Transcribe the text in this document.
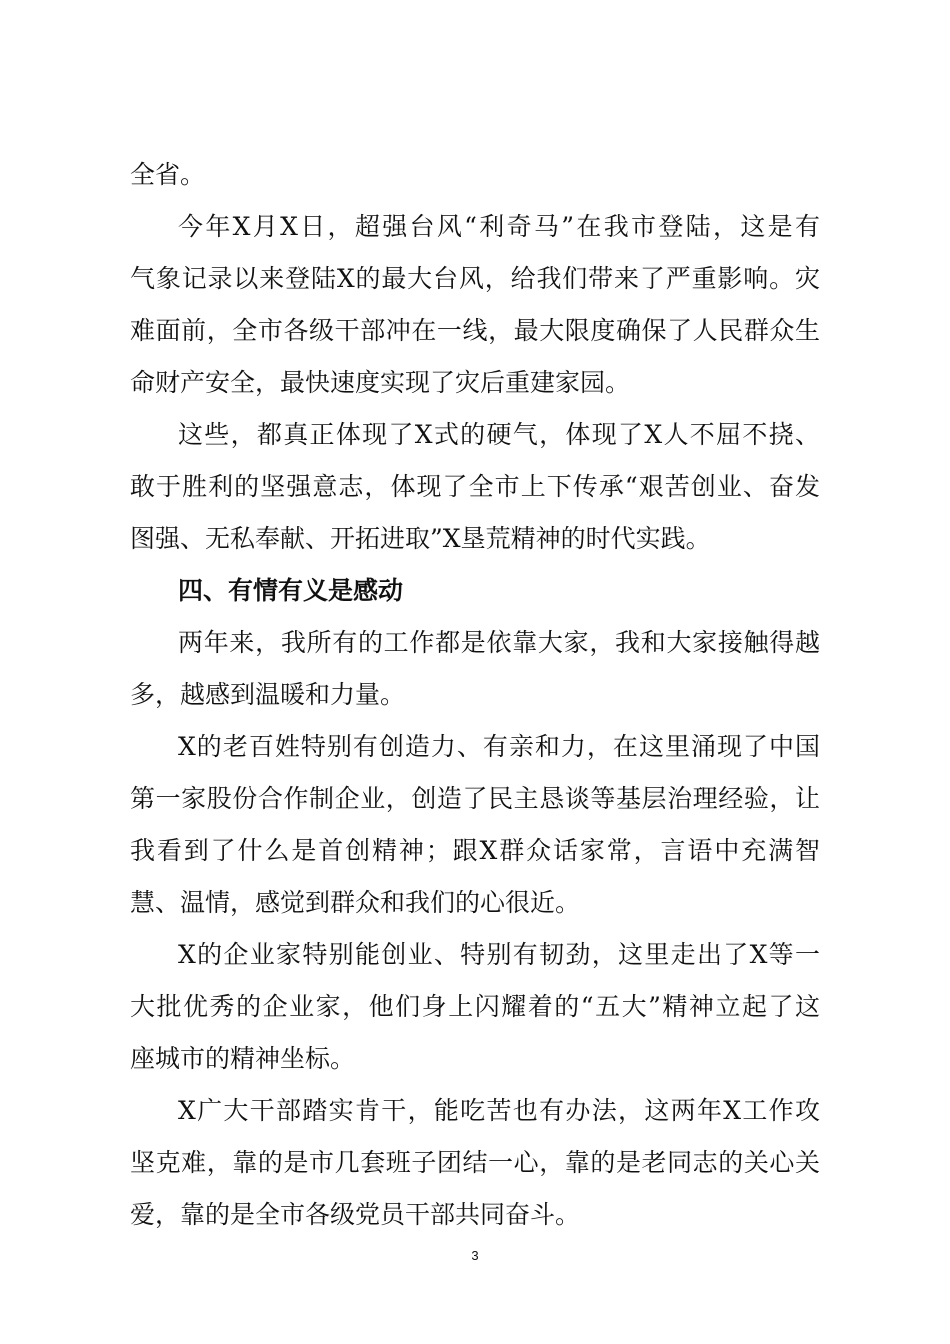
全省。
今年X月X日，超强台风“利奇马”在我市登陆，这是有
气象记录以来登陆X的最大台风，给我们带来了严重影响。灾
难面前，全市各级干部冲在一线，最大限度确保了人民群众生
命财产安全，最快速度实现了灾后重建家园。
这些，都真正体现了X式的硬气，体现了X人不屈不挠、
敢于胜利的坚强意志，体现了全市上下传承“艰苦创业、奋发
图强、无私奉献、开拓进取”X垦荒精神的时代实践。
四、有情有义是感动
两年来，我所有的工作都是依靠大家，我和大家接触得越
多，越感到温暖和力量。
X的老百姓特别有创造力、有亲和力，在这里涌现了中国
第一家股份合作制企业，创造了民主恳谈等基层治理经验，让
我看到了什么是首创精神；跟X群众话家常，言语中充满智
慧、温情，感觉到群众和我们的心很近。
X的企业家特别能创业、特别有韧劲，这里走出了X等一
大批优秀的企业家，他们身上闪耀着的“五大”精神立起了这
座城市的精神坐标。
X广大干部踏实肯干，能吃苦也有办法，这两年X工作攻
坚克难，靠的是市几套班子团结一心，靠的是老同志的关心关
爱，靠的是全市各级党员干部共同奋斗。
3
